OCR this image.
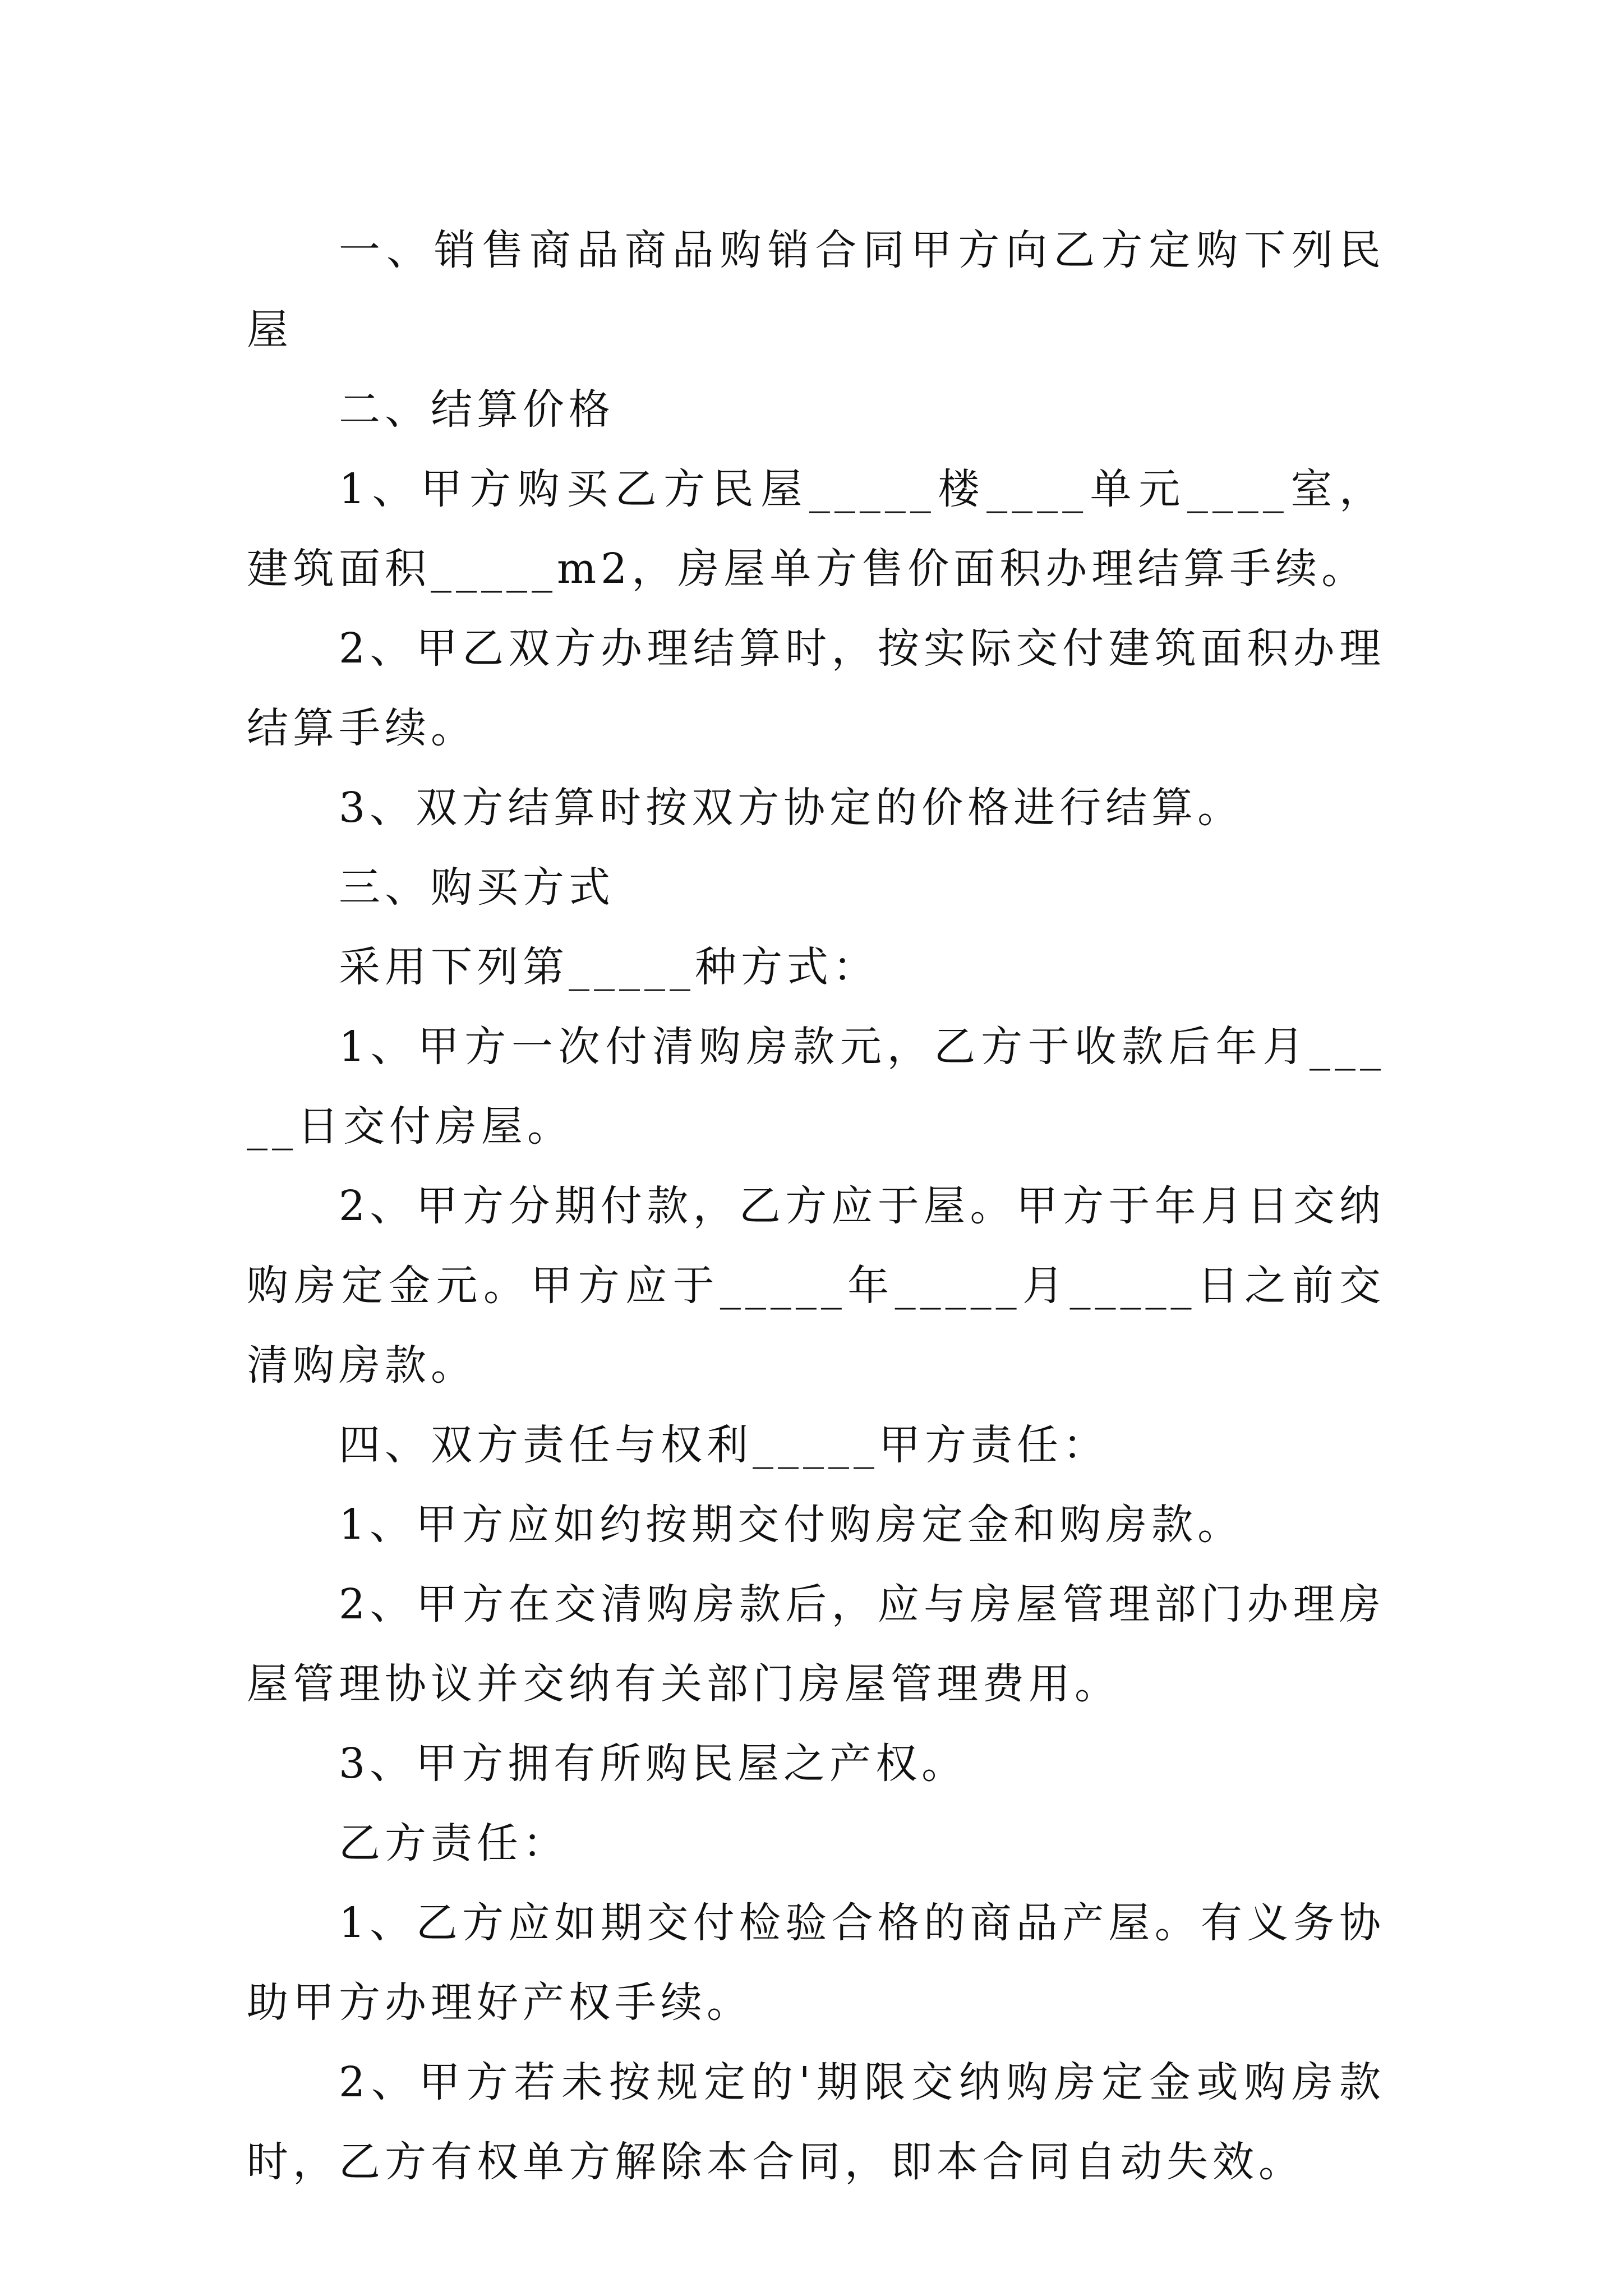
一、销售商品商品购销合同甲方向乙方定购下列民屋

二、结算价格

1、甲方购买乙方民屋_____楼____单元____室，建筑面积_____m2，房屋单方售价面积办理结算手续。

2、甲乙双方办理结算时，按实际交付建筑面积办理结算手续。

3、双方结算时按双方协定的价格进行结算。

三、购买方式

采用下列第_____种方式：

1、甲方一次付清购房款元，乙方于收款后年月_____日交付房屋。

2、甲方分期付款，乙方应于屋。甲方于年月日交纳购房定金元。甲方应于_____年_____月_____日之前交清购房款。

四、双方责任与权利_____甲方责任：

1、甲方应如约按期交付购房定金和购房款。

2、甲方在交清购房款后，应与房屋管理部门办理房屋管理协议并交纳有关部门房屋管理费用。

3、甲方拥有所购民屋之产权。

乙方责任：

1、乙方应如期交付检验合格的商品产屋。有义务协助甲方办理好产权手续。

2、甲方若未按规定的'期限交纳购房定金或购房款时，乙方有权单方解除本合同，即本合同自动失效。
